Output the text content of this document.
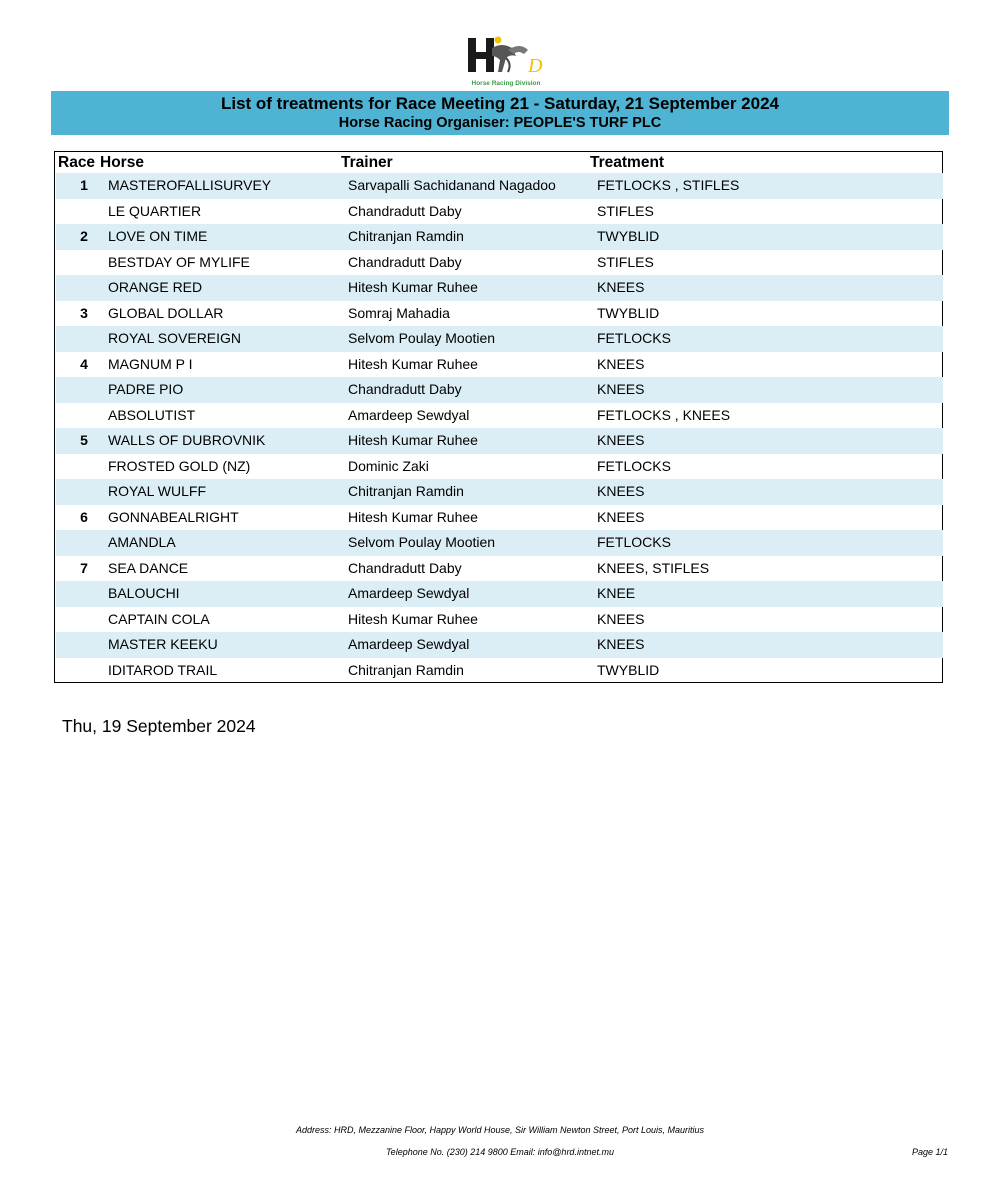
D
Horse Racing Division
List of treatments for Race Meeting 21 - Saturday, 21 September 2024
Horse Racing Organiser: PEOPLE'S TURF PLC
Race Horse	Trainer	Treatment
1 MASTEROFALLISURVEY	Sarvapalli Sachidanand Nagadoo	FETLOCKS , STIFLES
LE QUARTIER	Chandradutt Daby	STIFLES
2 LOVE ON TIME	Chitranjan Ramdin	TWYBLID
BESTDAY OF MYLIFE	Chandradutt Daby	STIFLES
ORANGE RED	Hitesh Kumar Ruhee	KNEES
3 GLOBAL DOLLAR	Somraj Mahadia	TWYBLID
ROYAL SOVEREIGN	Selvom Poulay Mootien	FETLOCKS
4 MAGNUM P I	Hitesh Kumar Ruhee	KNEES
PADRE PIO	Chandradutt Daby	KNEES
ABSOLUTIST	Amardeep Sewdyal	FETLOCKS , KNEES
5 WALLS OF DUBROVNIK	Hitesh Kumar Ruhee	KNEES
FROSTED GOLD (NZ)	Dominic Zaki	FETLOCKS
ROYAL WULFF	Chitranjan Ramdin	KNEES
6 GONNABEALRIGHT	Hitesh Kumar Ruhee	KNEES
AMANDLA	Selvom Poulay Mootien	FETLOCKS
7 SEA DANCE	Chandradutt Daby	KNEES, STIFLES
BALOUCHI	Amardeep Sewdyal	KNEE
CAPTAIN COLA	Hitesh Kumar Ruhee	KNEES
MASTER KEEKU	Amardeep Sewdyal	KNEES
IDITAROD TRAIL	Chitranjan Ramdin	TWYBLID
Thu, 19 September 2024
Address: HRD, Mezzanine Floor, Happy World House, Sir William Newton Street, Port Louis, Mauritius
Telephone No. (230) 214 9800 Email: info@hrd.intnet.mu	Page 1/1
